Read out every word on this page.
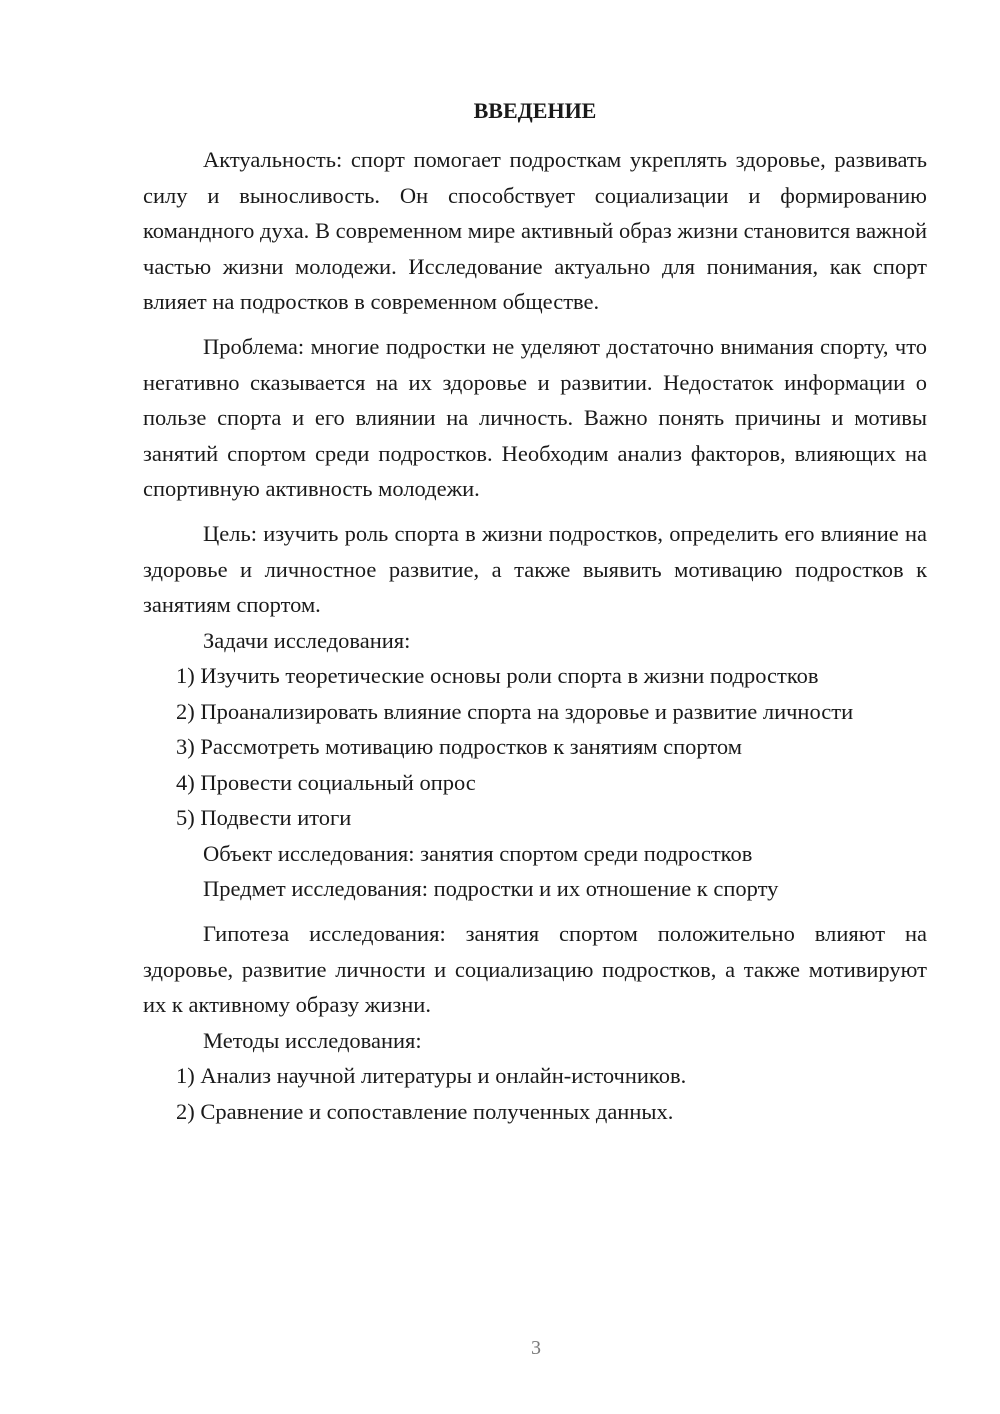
ВВЕДЕНИЕ

Актуальность: спорт помогает подросткам укреплять здоровье, развивать силу и выносливость. Он способствует социализации и формированию командного духа. В современном мире активный образ жизни становится важной частью жизни молодежи. Исследование актуально для понимания, как спорт влияет на подростков в современном обществе.

Проблема: многие подростки не уделяют достаточно внимания спорту, что негативно сказывается на их здоровье и развитии. Недостаток информации о пользе спорта и его влиянии на личность. Важно понять причины и мотивы занятий спортом среди подростков. Необходим анализ факторов, влияющих на спортивную активность молодежи.

Цель: изучить роль спорта в жизни подростков, определить его влияние на здоровье и личностное развитие, а также выявить мотивацию подростков к занятиям спортом.

Задачи исследования:

1) Изучить теоретические основы роли спорта в жизни подростков

2) Проанализировать влияние спорта на здоровье и развитие личности

3) Рассмотреть мотивацию подростков к занятиям спортом

4) Провести социальный опрос

5) Подвести итоги

Объект исследования: занятия спортом среди подростков

Предмет исследования: подростки и их отношение к спорту

Гипотеза исследования: занятия спортом положительно влияют на здоровье, развитие личности и социализацию подростков, а также мотивируют их к активному образу жизни.

Методы исследования:

1) Анализ научной литературы и онлайн-источников.

2) Сравнение и сопоставление полученных данных.

3
